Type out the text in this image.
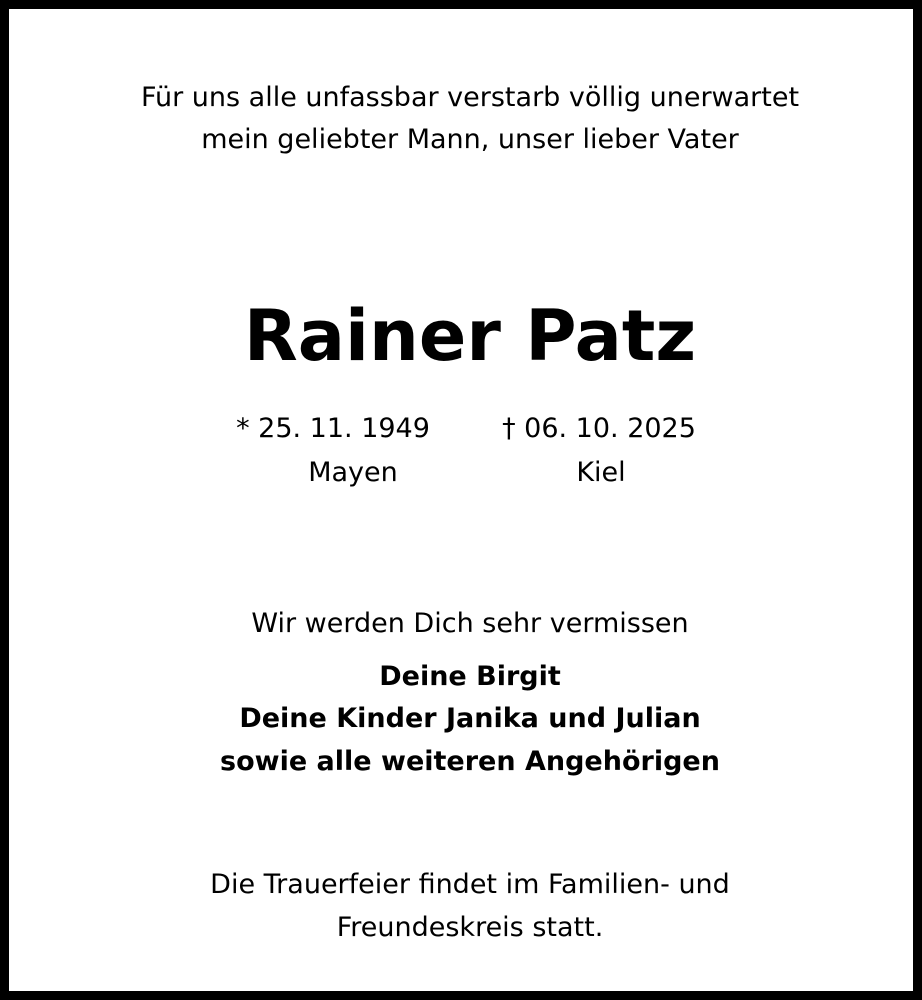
Für uns alle unfassbar verstarb völlig unerwartet
mein geliebter Mann, unser lieber Vater
Rainer Patz
* 25. 11. 1949	† 06. 10. 2025
Mayen	Kiel
Wir werden Dich sehr vermissen
Deine Birgit
Deine Kinder Janika und Julian
sowie alle weiteren Angehörigen
Die Trauerfeier findet im Familien- und
Freundeskreis statt.
